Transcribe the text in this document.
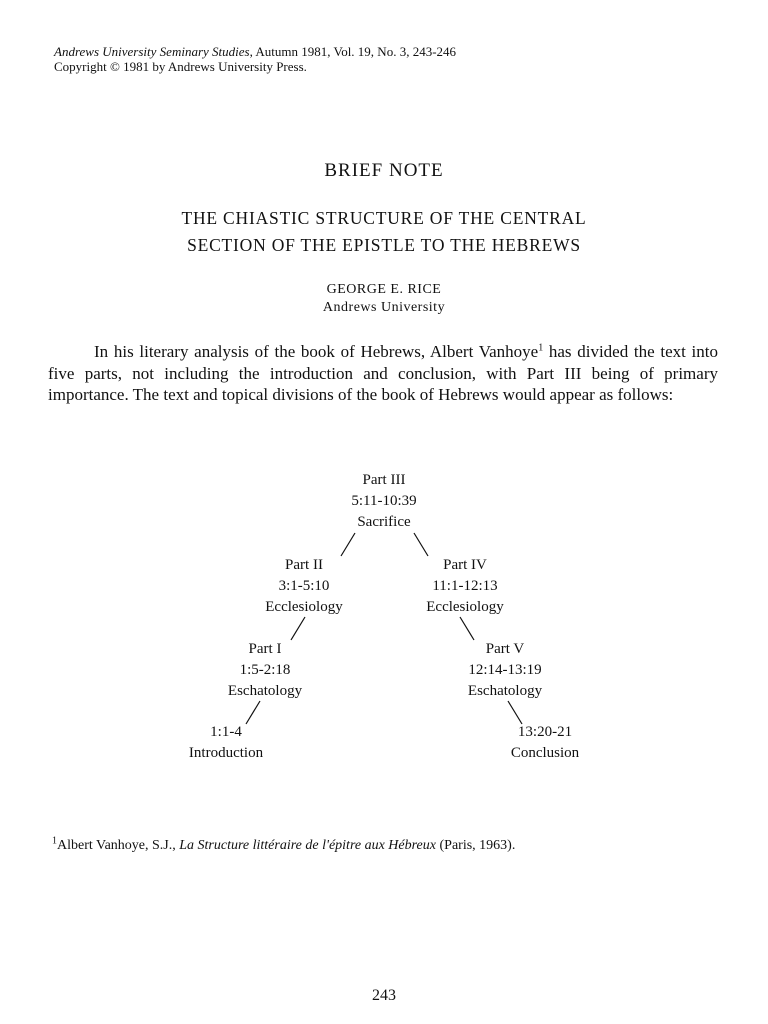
Andrews University Seminary Studies, Autumn 1981, Vol. 19, No. 3, 243-246
Copyright © 1981 by Andrews University Press.
BRIEF NOTE
THE CHIASTIC STRUCTURE OF THE CENTRAL
SECTION OF THE EPISTLE TO THE HEBREWS
GEORGE E. RICE
Andrews University
In his literary analysis of the book of Hebrews, Albert Vanhoye$^1$ has divided the text into five parts, not including the introduction and conclusion, with Part III being of primary importance. The text and topical divisions of the book of Hebrews would appear as follows:
Part III
5:11-10:39
Sacrifice
Part II
3:1-5:10
Ecclesiology
Part IV
11:1-12:13
Ecclesiology
Part I
1:5-2:18
Eschatology
Part V
12:14-13:19
Eschatology
1:1-4
Introduction
13:20-21
Conclusion
$^1$Albert Vanhoye, S.J., La Structure littéraire de l'épitre aux Hébreux (Paris, 1963).
243
